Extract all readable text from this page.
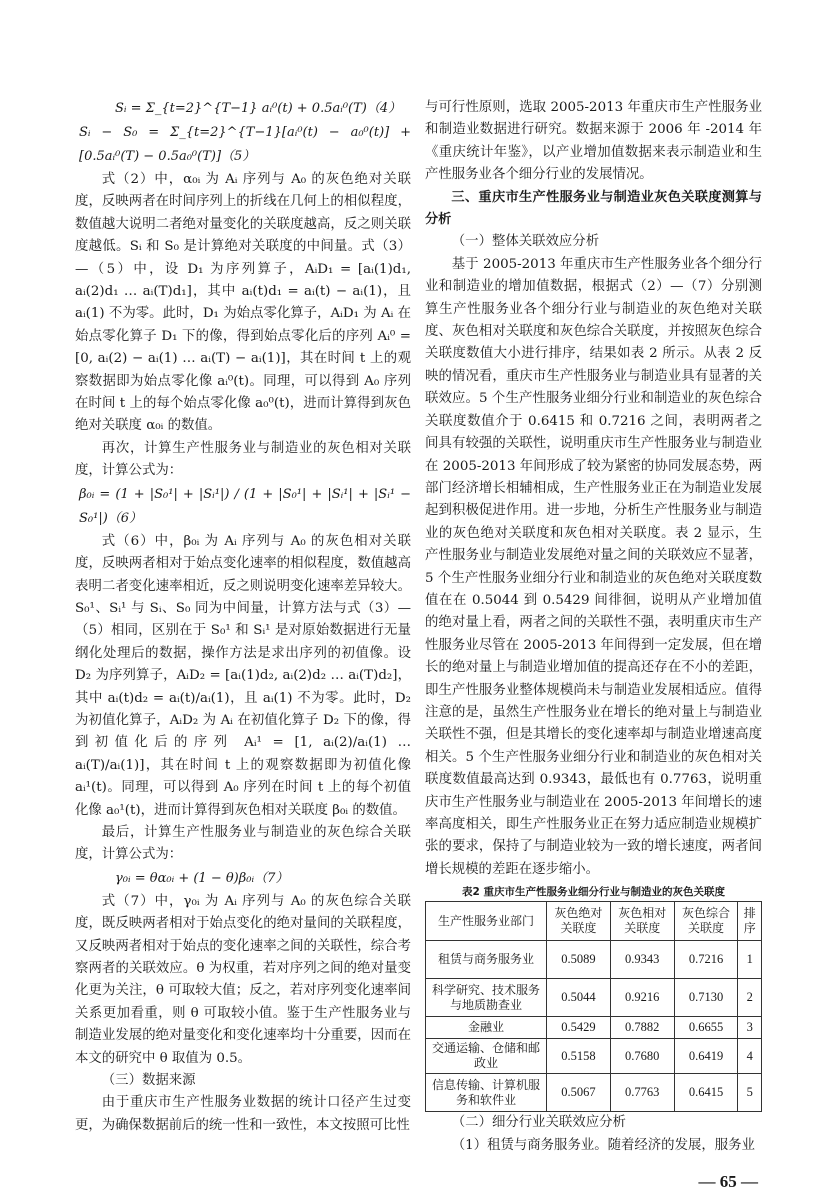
Sᵢ = Σ_{t=2}^{T−1} aᵢ⁰(t) + 0.5aᵢ⁰(T)（4）
Sᵢ − S₀ = Σ_{t=2}^{T−1}[aᵢ⁰(t) − a₀⁰(t)] + [0.5aᵢ⁰(T) − 0.5a₀⁰(T)]（5）

式（2）中，α₀ᵢ 为 Aᵢ 序列与 A₀ 的灰色绝对关联度，反映两者在时间序列上的折线在几何上的相似程度，数值越大说明二者绝对量变化的关联度越高，反之则关联度越低。Sᵢ 和 S₀ 是计算绝对关联度的中间量。式（3）—（5）中，设 D₁ 为序列算子，AᵢD₁ = [aᵢ(1)d₁, aᵢ(2)d₁ … aᵢ(T)d₁]，其中 aᵢ(t)d₁ = aᵢ(t) − aᵢ(1)，且 aᵢ(1) 不为零。此时，D₁ 为始点零化算子，AᵢD₁ 为 Aᵢ 在始点零化算子 D₁ 下的像，得到始点零化后的序列 Aᵢ⁰ = [0, aᵢ(2) − aᵢ(1) … aᵢ(T) − aᵢ(1)]，其在时间 t 上的观察数据即为始点零化像 aᵢ⁰(t)。同理，可以得到 A₀ 序列在时间 t 上的每个始点零化像 a₀⁰(t)，进而计算得到灰色绝对关联度 α₀ᵢ 的数值。

再次，计算生产性服务业与制造业的灰色相对关联度，计算公式为：

β₀ᵢ = (1 + |S₀¹| + |Sᵢ¹|) / (1 + |S₀¹| + |Sᵢ¹| + |Sᵢ¹ − S₀¹|)（6）

式（6）中，β₀ᵢ 为 Aᵢ 序列与 A₀ 的灰色相对关联度，反映两者相对于始点变化速率的相似程度，数值越高表明二者变化速率相近，反之则说明变化速率差异较大。S₀¹、Sᵢ¹ 与 Sᵢ、S₀ 同为中间量，计算方法与式（3）—（5）相同，区别在于 S₀¹ 和 Sᵢ¹ 是对原始数据进行无量纲化处理后的数据，操作方法是求出序列的初值像。设 D₂ 为序列算子，AᵢD₂ = [aᵢ(1)d₂, aᵢ(2)d₂ … aᵢ(T)d₂]，其中 aᵢ(t)d₂ = aᵢ(t)/aᵢ(1)，且 aᵢ(1) 不为零。此时，D₂ 为初值化算子，AᵢD₂ 为 Aᵢ 在初值化算子 D₂ 下的像，得到初值化后的序列 Aᵢ¹ = [1, aᵢ(2)/aᵢ(1) … aᵢ(T)/aᵢ(1)]，其在时间 t 上的观察数据即为初值化像 aᵢ¹(t)。同理，可以得到 A₀ 序列在时间 t 上的每个初值化像 a₀¹(t)，进而计算得到灰色相对关联度 β₀ᵢ 的数值。

最后，计算生产性服务业与制造业的灰色综合关联度，计算公式为：

γ₀ᵢ = θα₀ᵢ + (1 − θ)β₀ᵢ（7）

式（7）中，γ₀ᵢ 为 Aᵢ 序列与 A₀ 的灰色综合关联度，既反映两者相对于始点变化的绝对量间的关联程度，又反映两者相对于始点的变化速率之间的关联性，综合考察两者的关联效应。θ 为权重，若对序列之间的绝对量变化更为关注，θ 可取较大值；反之，若对序列变化速率间关系更加看重，则 θ 可取较小值。鉴于生产性服务业与制造业发展的绝对量变化和变化速率均十分重要，因而在本文的研究中 θ 取值为 0.5。

（三）数据来源

由于重庆市生产性服务业数据的统计口径产生过变更，为确保数据前后的统一性和一致性，本文按照可比性

与可行性原则，选取 2005-2013 年重庆市生产性服务业和制造业数据进行研究。数据来源于 2006 年 -2014 年《重庆统计年鉴》，以产业增加值数据来表示制造业和生产性服务业各个细分行业的发展情况。

三、重庆市生产性服务业与制造业灰色关联度测算与分析

（一）整体关联效应分析

基于 2005-2013 年重庆市生产性服务业各个细分行业和制造业的增加值数据，根据式（2）—（7）分别测算生产性服务业各个细分行业与制造业的灰色绝对关联度、灰色相对关联度和灰色综合关联度，并按照灰色综合关联度数值大小进行排序，结果如表 2 所示。从表 2 反映的情况看，重庆市生产性服务业与制造业具有显著的关联效应。5 个生产性服务业细分行业和制造业的灰色综合关联度数值介于 0.6415 和 0.7216 之间，表明两者之间具有较强的关联性，说明重庆市生产性服务业与制造业在 2005-2013 年间形成了较为紧密的协同发展态势，两部门经济增长相辅相成，生产性服务业正在为制造业发展起到积极促进作用。进一步地，分析生产性服务业与制造业的灰色绝对关联度和灰色相对关联度。表 2 显示，生产性服务业与制造业发展绝对量之间的关联效应不显著，5 个生产性服务业细分行业和制造业的灰色绝对关联度数值在在 0.5044 到 0.5429 间徘徊，说明从产业增加值的绝对量上看，两者之间的关联性不强，表明重庆市生产性服务业尽管在 2005-2013 年间得到一定发展，但在增长的绝对量上与制造业增加值的提高还存在不小的差距，即生产性服务业整体规模尚未与制造业发展相适应。值得注意的是，虽然生产性服务业在增长的绝对量上与制造业关联性不强，但是其增长的变化速率却与制造业增速高度相关。5 个生产性服务业细分行业和制造业的灰色相对关联度数值最高达到 0.9343，最低也有 0.7763，说明重庆市生产性服务业与制造业在 2005-2013 年间增长的速率高度相关，即生产性服务业正在努力适应制造业规模扩张的要求，保持了与制造业较为一致的增长速度，两者间增长规模的差距在逐步缩小。

表2 重庆市生产性服务业细分行业与制造业的灰色关联度
生产性服务业部门	灰色绝对关联度	灰色相对关联度	灰色综合关联度	排序
租赁与商务服务业	0.5089	0.9343	0.7216	1
科学研究、技术服务与地质勘查业	0.5044	0.9216	0.7130	2
金融业	0.5429	0.7882	0.6655	3
交通运输、仓储和邮政业	0.5158	0.7680	0.6419	4
信息传输、计算机服务和软件业	0.5067	0.7763	0.6415	5

（二）细分行业关联效应分析

（1）租赁与商务服务业。随着经济的发展，服务业

— 65 —
